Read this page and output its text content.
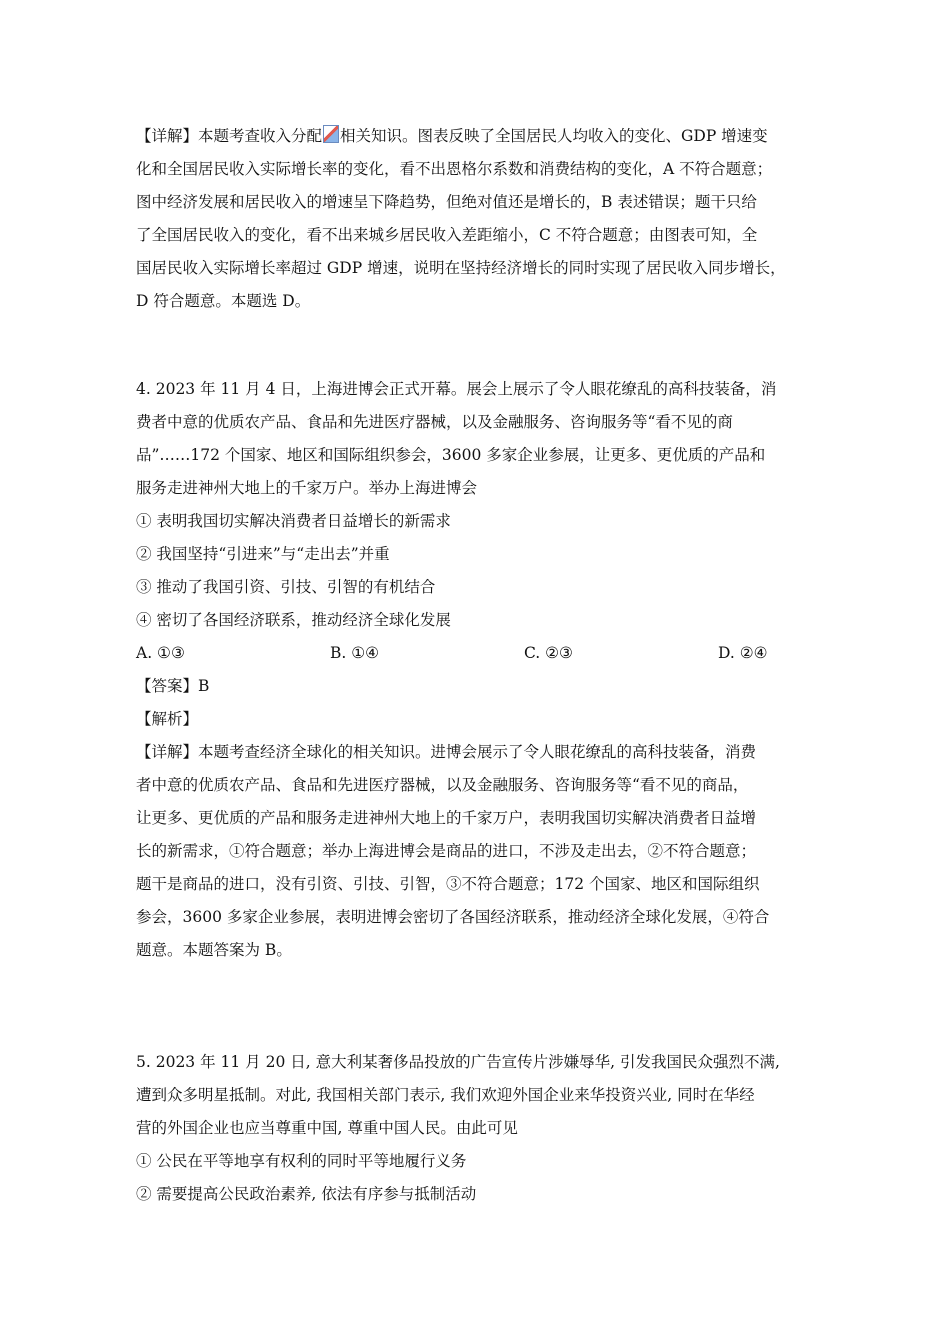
【详解】本题考查收入分配 相关知识。图表反映了全国居民人均收入的变化、GDP 增速变
化和全国居民收入实际增长率的变化，看不出恩格尔系数和消费结构的变化，A 不符合题意；
图中经济发展和居民收入的增速呈下降趋势，但绝对值还是增长的，B 表述错误；题干只给
了全国居民收入的变化，看不出来城乡居民收入差距缩小，C 不符合题意；由图表可知，全
国居民收入实际增长率超过 GDP 增速，说明在坚持经济增长的同时实现了居民收入同步增长，
D 符合题意。本题选 D。
4. 2023 年 11 月 4 日，上海进博会正式开幕。展会上展示了令人眼花缭乱的高科技装备，消
费者中意的优质农产品、食品和先进医疗器械，以及金融服务、咨询服务等“看不见的商
品”……172 个国家、地区和国际组织参会，3600 多家企业参展，让更多、更优质的产品和
服务走进神州大地上的千家万户。举办上海进博会
① 表明我国切实解决消费者日益增长的新需求
② 我国坚持“引进来”与“走出去”并重
③ 推动了我国引资、引技、引智的有机结合
④ 密切了各国经济联系，推动经济全球化发展
A. ①③	B. ①④	C. ②③	D. ②④
【答案】B
【解析】
【详解】本题考查经济全球化的相关知识。进博会展示了令人眼花缭乱的高科技装备，消费
者中意的优质农产品、食品和先进医疗器械，以及金融服务、咨询服务等“看不见的商品，
让更多、更优质的产品和服务走进神州大地上的千家万户，表明我国切实解决消费者日益增
长的新需求，①符合题意；举办上海进博会是商品的进口，不涉及走出去，②不符合题意；
题干是商品的进口，没有引资、引技、引智，③不符合题意；172 个国家、地区和国际组织
参会，3600 多家企业参展，表明进博会密切了各国经济联系，推动经济全球化发展，④符合
题意。本题答案为 B。
5. 2023 年 11 月 20 日, 意大利某奢侈品投放的广告宣传片涉嫌辱华, 引发我国民众强烈不满,
遭到众多明星抵制。对此, 我国相关部门表示, 我们欢迎外国企业来华投资兴业, 同时在华经
营的外国企业也应当尊重中国, 尊重中国人民。由此可见
① 公民在平等地享有权利的同时平等地履行义务
② 需要提高公民政治素养, 依法有序参与抵制活动
